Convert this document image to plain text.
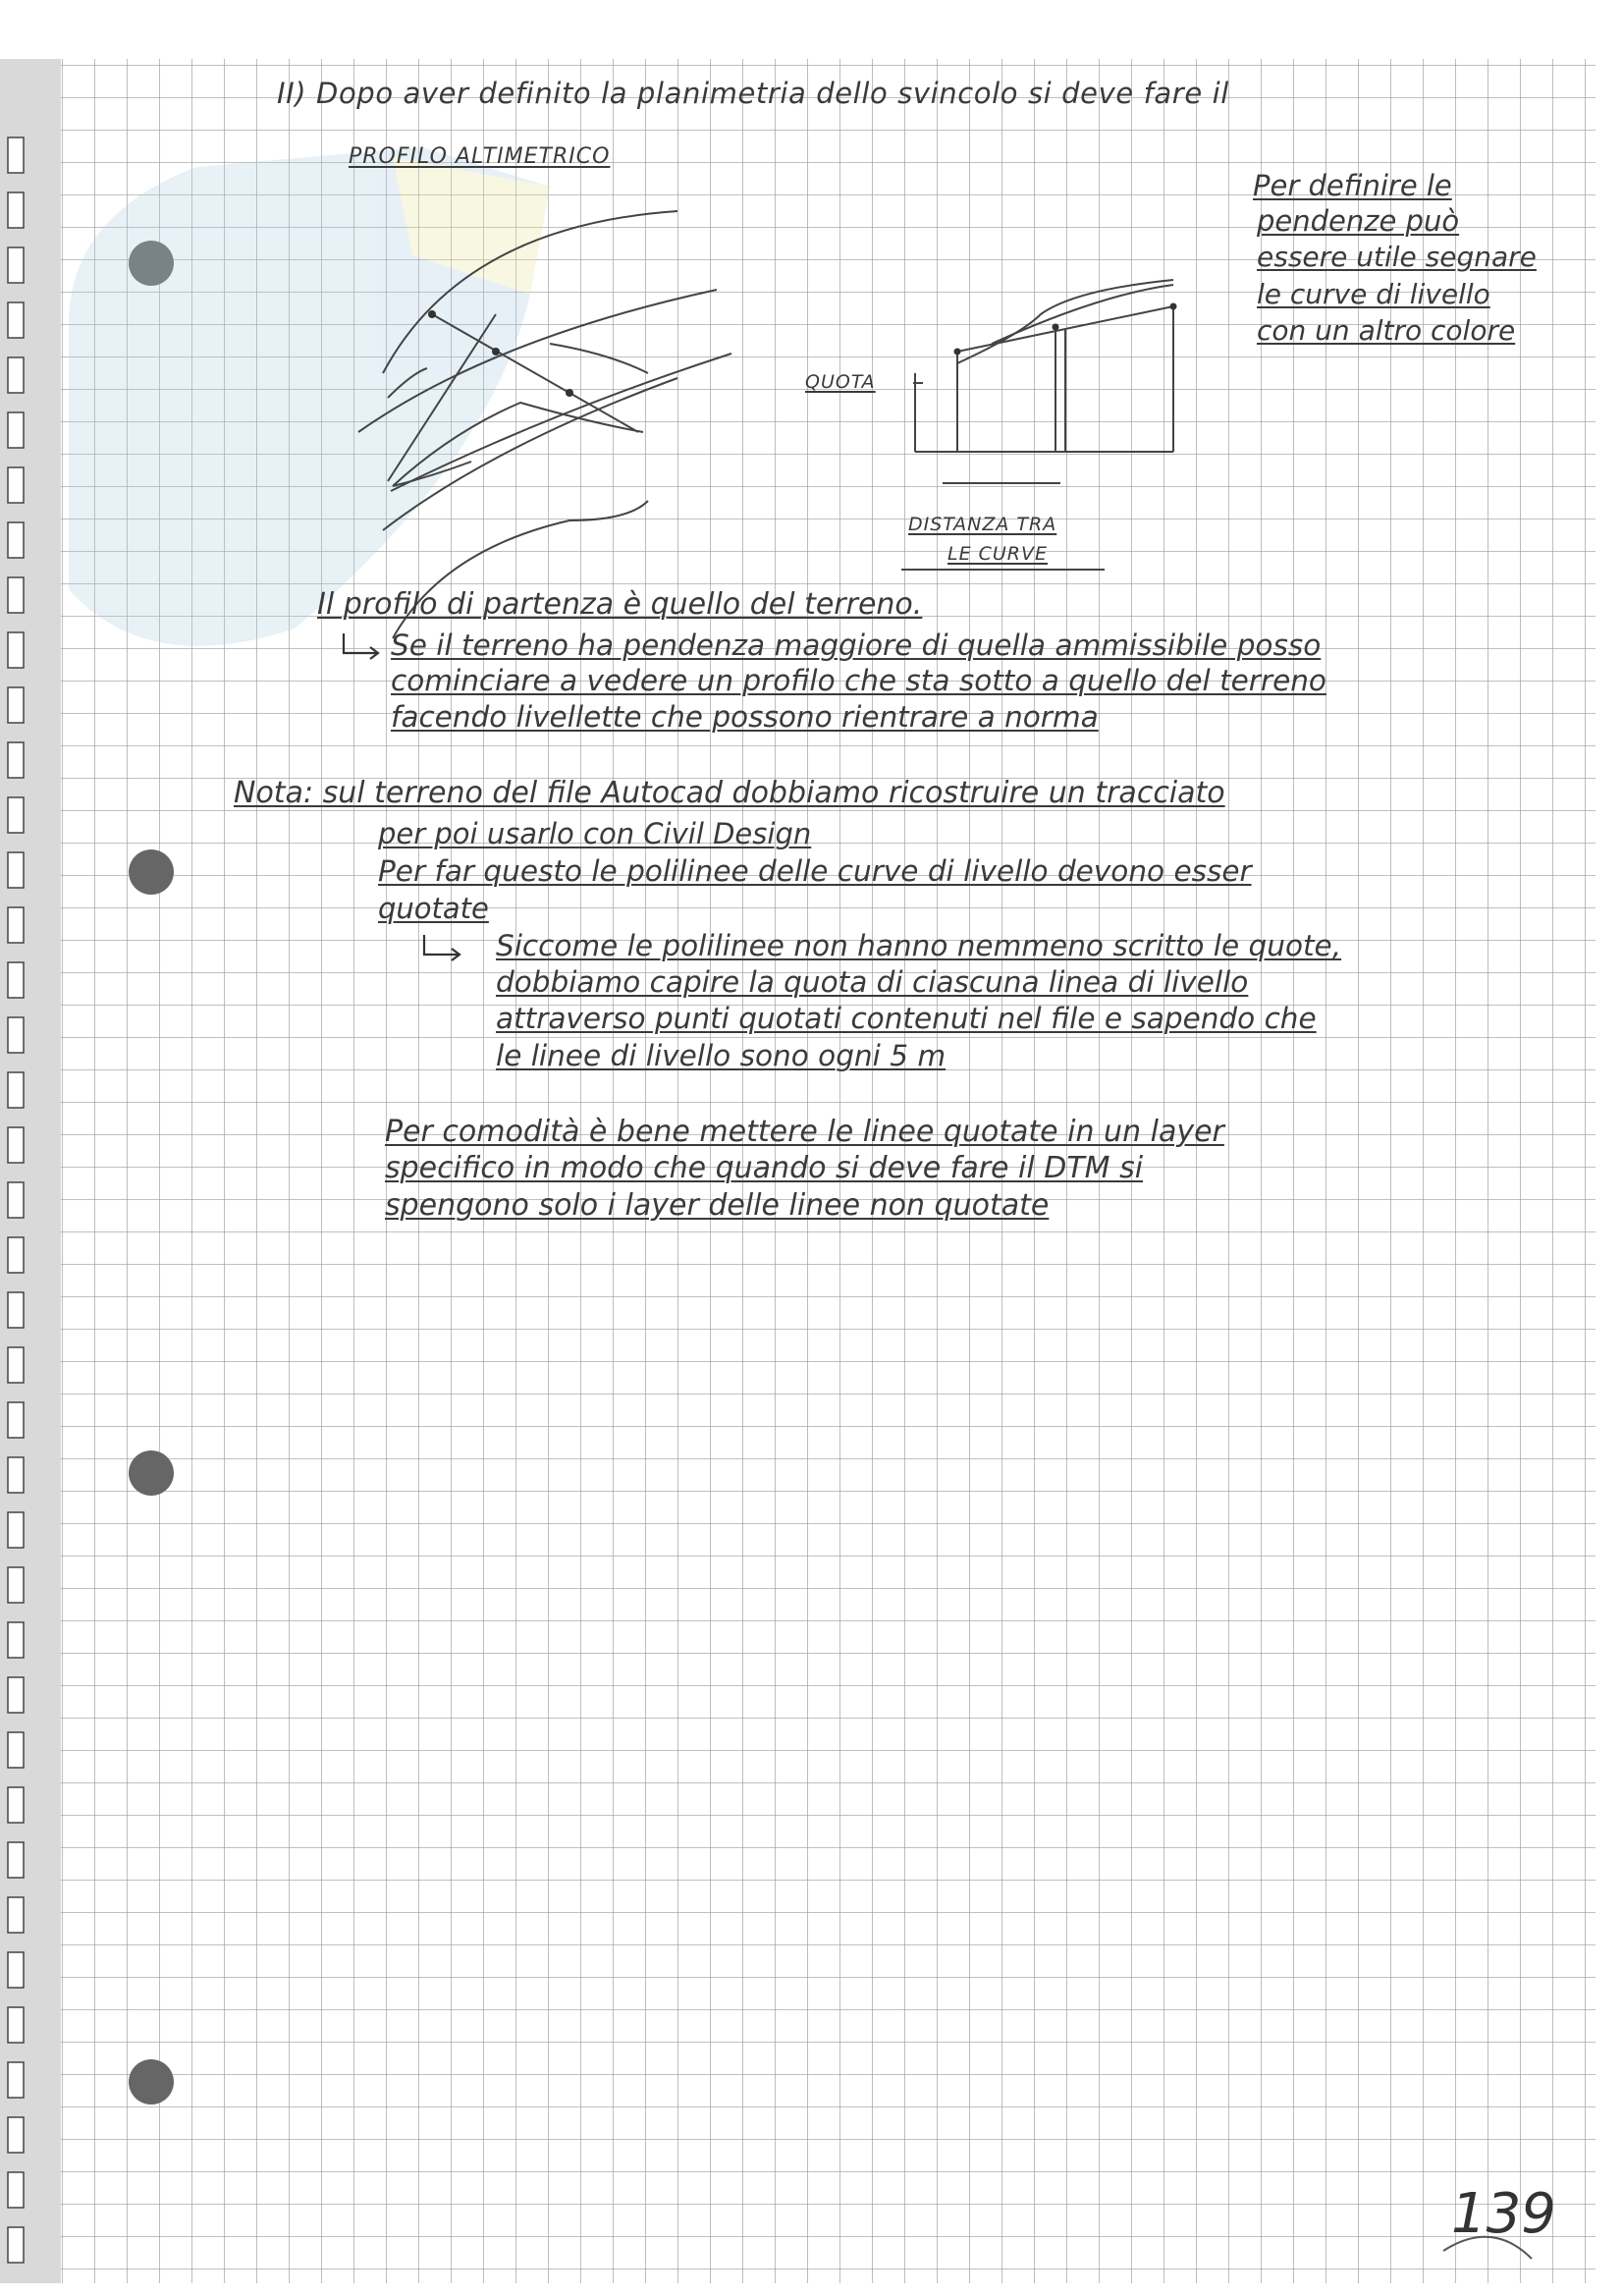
II) Dopo aver definito la planimetria dello svincolo si deve fare il

PROFILO ALTIMETRICO

QUOTA

DISTANZA TRA

LE CURVE

Per definire le

pendenze può

essere utile segnare

le curve di livello

con un altro colore

Il profilo di partenza è quello del terreno.

Se il terreno ha pendenza maggiore di quella ammissibile posso

cominciare a vedere un profilo che sta sotto a quello del terreno

facendo livellette che possono rientrare a norma

Nota: sul terreno del file Autocad dobbiamo ricostruire un tracciato

per poi usarlo con Civil Design

Per far questo le polilinee delle curve di livello devono esser

quotate

Siccome le polilinee non hanno nemmeno scritto le quote,

dobbiamo capire la quota di ciascuna linea di livello

attraverso punti quotati contenuti nel file e sapendo che

le linee di livello sono ogni 5 m

Per comodità è bene mettere le linee quotate in un layer

specifico in modo che quando si deve fare il DTM si

spengono solo i layer delle linee non quotate

139
